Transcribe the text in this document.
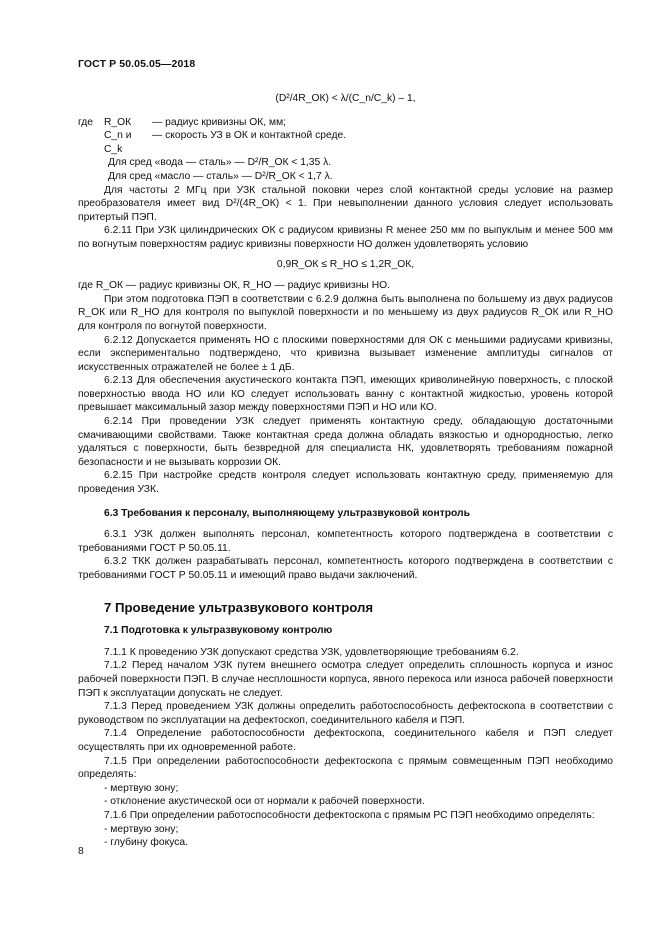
ГОСТ Р 50.05.05—2018

(D²/4R_ОК) < λ/(C_n/C_k) – 1,

где	R_ОК	— радиус кривизны ОК, мм;
C_n и C_k
— скорость УЗ в ОК и контактной среде.

Для сред «вода — сталь» — D²/R_ОК < 1,35 λ.

Для сред «масло — сталь» — D²/R_ОК < 1,7 λ.

Для частоты 2 МГц при УЗК стальной поковки через слой контактной среды условие на размер преобразователя имеет вид D²/(4R_ОК) < 1. При невыполнении данного условия следует использовать притертый ПЭП.

6.2.11 При УЗК цилиндрических ОК с радиусом кривизны R менее 250 мм по выпуклым и менее 500 мм по вогнутым поверхностям радиус кривизны поверхности НО должен удовлетворять условию

0,9R_ОК ≤ R_НО ≤ 1,2R_ОК,

где R_ОК — радиус кривизны ОК, R_НО — радиус кривизны НО.

При этом подготовка ПЭП в соответствии с 6.2.9 должна быть выполнена по большему из двух радиусов R_ОК или R_НО для контроля по выпуклой поверхности и по меньшему из двух радиусов R_ОК или R_НО для контроля по вогнутой поверхности.

6.2.12 Допускается применять НО с плоскими поверхностями для ОК с меньшими радиусами кривизны, если экспериментально подтверждено, что кривизна вызывает изменение амплитуды сигналов от искусственных отражателей не более ± 1 дБ.

6.2.13 Для обеспечения акустического контакта ПЭП, имеющих криволинейную поверхность, с плоской поверхностью ввода НО или КО следует использовать ванну с контактной жидкостью, уровень которой превышает максимальный зазор между поверхностями ПЭП и НО или КО.

6.2.14 При проведении УЗК следует применять контактную среду, обладающую достаточными смачивающими свойствами. Также контактная среда должна обладать вязкостью и однородностью, легко удаляться с поверхности, быть безвредной для специалиста НК, удовлетворять требованиям пожарной безопасности и не вызывать коррозии ОК.

6.2.15 При настройке средств контроля следует использовать контактную среду, применяемую для проведения УЗК.

6.3 Требования к персоналу, выполняющему ультразвуковой контроль

6.3.1 УЗК должен выполнять персонал, компетентность которого подтверждена в соответствии с требованиями ГОСТ Р 50.05.11.

6.3.2 ТКК должен разрабатывать персонал, компетентность которого подтверждена в соответствии с требованиями ГОСТ Р 50.05.11 и имеющий право выдачи заключений.

7 Проведение ультразвукового контроля

7.1 Подготовка к ультразвуковому контролю

7.1.1 К проведению УЗК допускают средства УЗК, удовлетворяющие требованиям 6.2.

7.1.2 Перед началом УЗК путем внешнего осмотра следует определить сплошность корпуса и износ рабочей поверхности ПЭП. В случае несплошности корпуса, явного перекоса или износа рабочей поверхности ПЭП к эксплуатации допускать не следует.

7.1.3 Перед проведением УЗК должны определить работоспособность дефектоскопа в соответствии с руководством по эксплуатации на дефектоскоп, соединительного кабеля и ПЭП.

7.1.4 Определение работоспособности дефектоскопа, соединительного кабеля и ПЭП следует осуществлять при их одновременной работе.

7.1.5 При определении работоспособности дефектоскопа с прямым совмещенным ПЭП необходимо определять:

- мертвую зону;

- отклонение акустической оси от нормали к рабочей поверхности.

7.1.6 При определении работоспособности дефектоскопа с прямым РС ПЭП необходимо определять:

- мертвую зону;

- глубину фокуса.

8
